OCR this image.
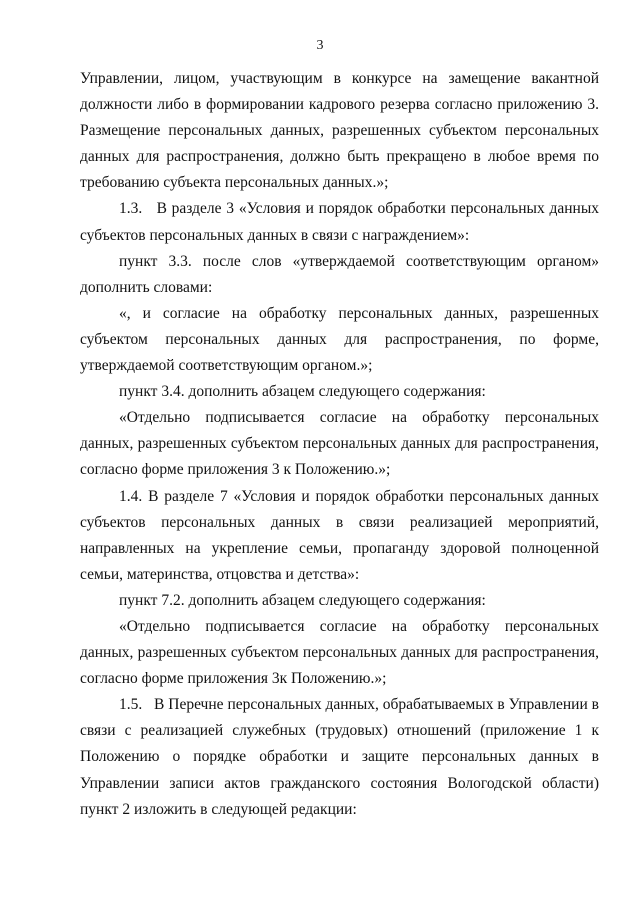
3

Управлении, лицом, участвующим в конкурсе на замещение вакантной должности либо в формировании кадрового резерва согласно приложению 3. Размещение персональных данных, разрешенных субъектом персональных данных для распространения, должно быть прекращено в любое время по требованию субъекта персональных данных.»;

1.3.   В разделе 3 «Условия и порядок обработки персональных данных субъектов персональных данных в связи с награждением»:

пункт 3.3. после слов «утверждаемой соответствующим органом» дополнить словами:

«, и согласие на обработку персональных данных, разрешенных субъектом персональных данных для распространения, по форме, утверждаемой соответствующим органом.»;

пункт 3.4. дополнить абзацем следующего содержания:

«Отдельно подписывается согласие на обработку персональных данных, разрешенных субъектом персональных данных для распространения, согласно форме приложения 3 к Положению.»;

1.4. В разделе 7 «Условия и порядок обработки персональных данных субъектов персональных данных в связи реализацией мероприятий, направленных на укрепление семьи, пропаганду здоровой полноценной семьи, материнства, отцовства и детства»:

пункт 7.2. дополнить абзацем следующего содержания:

«Отдельно подписывается согласие на обработку персональных данных, разрешенных субъектом персональных данных для распространения, согласно форме приложения 3к Положению.»;

1.5.   В Перечне персональных данных, обрабатываемых в Управлении в связи с реализацией служебных (трудовых) отношений (приложение 1 к Положению о порядке обработки и защите персональных данных в Управлении записи актов гражданского состояния Вологодской области) пункт 2 изложить в следующей редакции:
